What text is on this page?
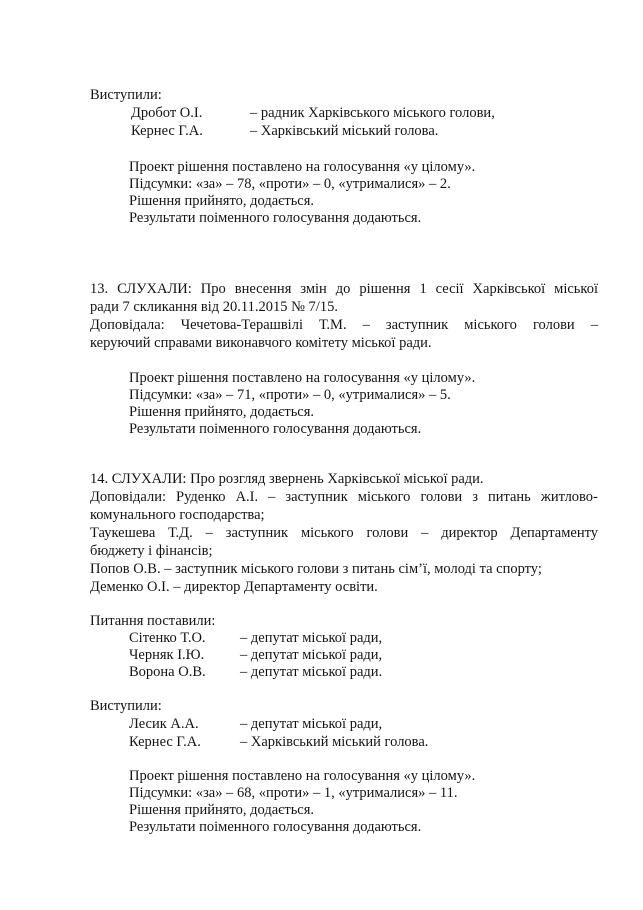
Виступили:
Дробот О.І.	– радник Харківського міського голови,
Кернес Г.А.	– Харківський міський голова.
Проект рішення поставлено на голосування «у цілому».
Підсумки: «за» – 78, «проти» – 0, «утрималися» – 2.
Рішення прийнято, додається.
Результати поіменного голосування додаються.
13. СЛУХАЛИ: Про внесення змін до рішення 1 сесії Харківської міської
ради 7 скликання від 20.11.2015 № 7/15.
Доповідала: Чечетова-Терашвілі Т.М. – заступник міського голови –
керуючий справами виконавчого комітету міської ради.
Проект рішення поставлено на голосування «у цілому».
Підсумки: «за» – 71, «проти» – 0, «утрималися» – 5.
Рішення прийнято, додається.
Результати поіменного голосування додаються.
14. СЛУХАЛИ: Про розгляд звернень Харківської міської ради.
Доповідали: Руденко А.І. – заступник міського голови з питань житлово-
комунального господарства;
Таукешева Т.Д. – заступник міського голови – директор Департаменту
бюджету і фінансів;
Попов О.В. – заступник міського голови з питань сім’ї, молоді та спорту;
Деменко О.І. – директор Департаменту освіти.
Питання поставили:
Сітенко Т.О. – депутат міської ради,
Черняк І.Ю. – депутат міської ради,
Ворона О.В. – депутат міської ради.
Виступили:
Лесик А.А.	– депутат міської ради,
Кернес Г.А.	– Харківський міський голова.
Проект рішення поставлено на голосування «у цілому».
Підсумки: «за» – 68, «проти» – 1, «утрималися» – 11.
Рішення прийнято, додається.
Результати поіменного голосування додаються.
